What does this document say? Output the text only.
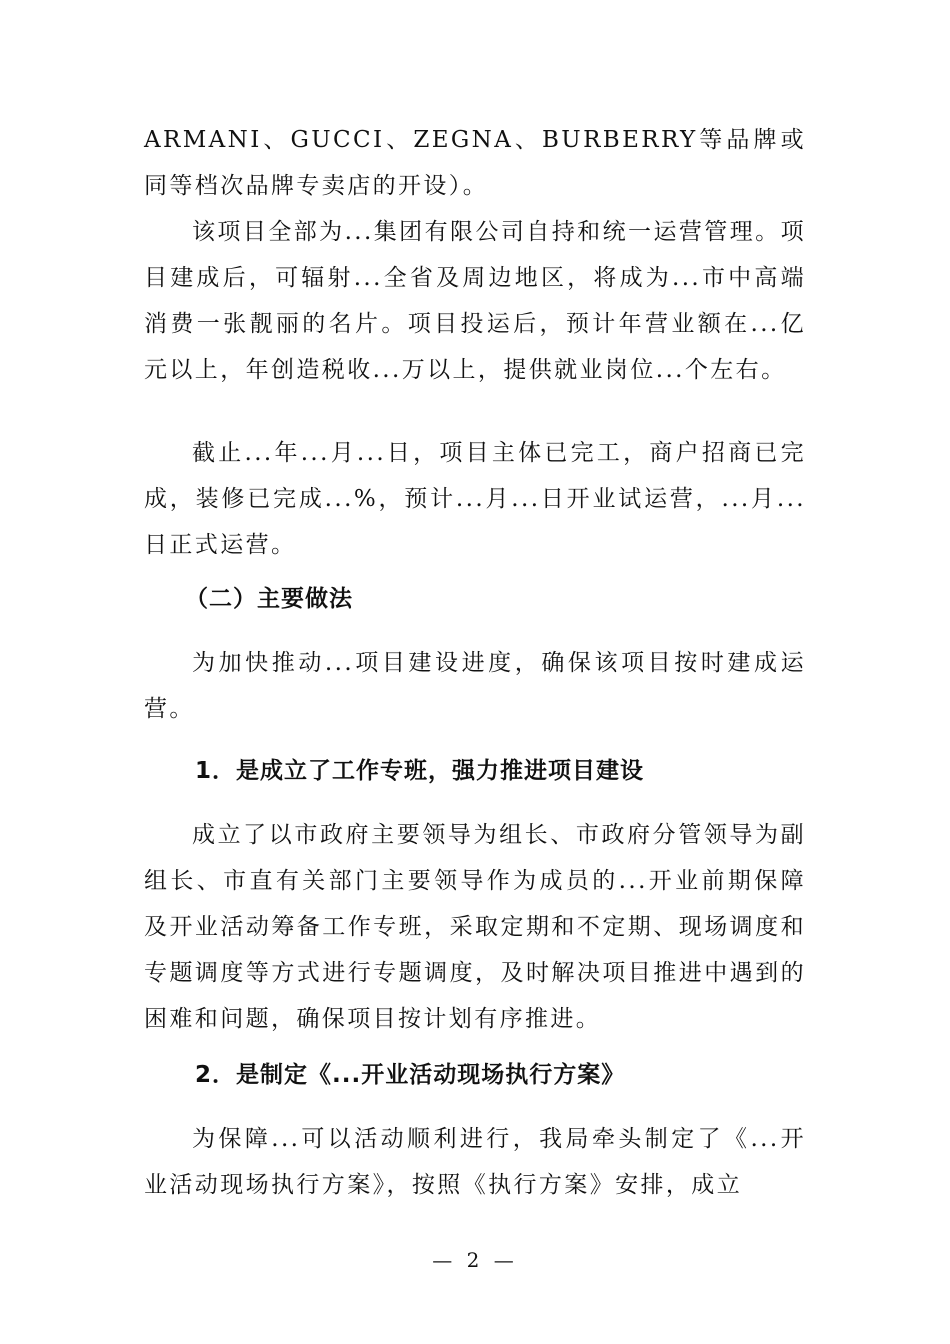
ARMANI、GUCCI、ZEGNA、BURBERRY等品牌或同等档次品牌专卖店的开设）。

该项目全部为...集团有限公司自持和统一运营管理。项目建成后，可辐射...全省及周边地区，将成为...市中高端消费一张靓丽的名片。项目投运后，预计年营业额在...亿元以上，年创造税收...万以上，提供就业岗位...个左右。

截止...年...月...日，项目主体已完工，商户招商已完成，装修已完成...%，预计...月...日开业试运营，...月...日正式运营。

（二）主要做法

为加快推动...项目建设进度，确保该项目按时建成运营。

1．是成立了工作专班，强力推进项目建设

成立了以市政府主要领导为组长、市政府分管领导为副组长、市直有关部门主要领导作为成员的...开业前期保障及开业活动筹备工作专班，采取定期和不定期、现场调度和专题调度等方式进行专题调度，及时解决项目推进中遇到的困难和问题，确保项目按计划有序推进。

2．是制定《...开业活动现场执行方案》

为保障...可以活动顺利进行，我局牵头制定了《...开业活动现场执行方案》，按照《执行方案》安排，成立

— 2 —
